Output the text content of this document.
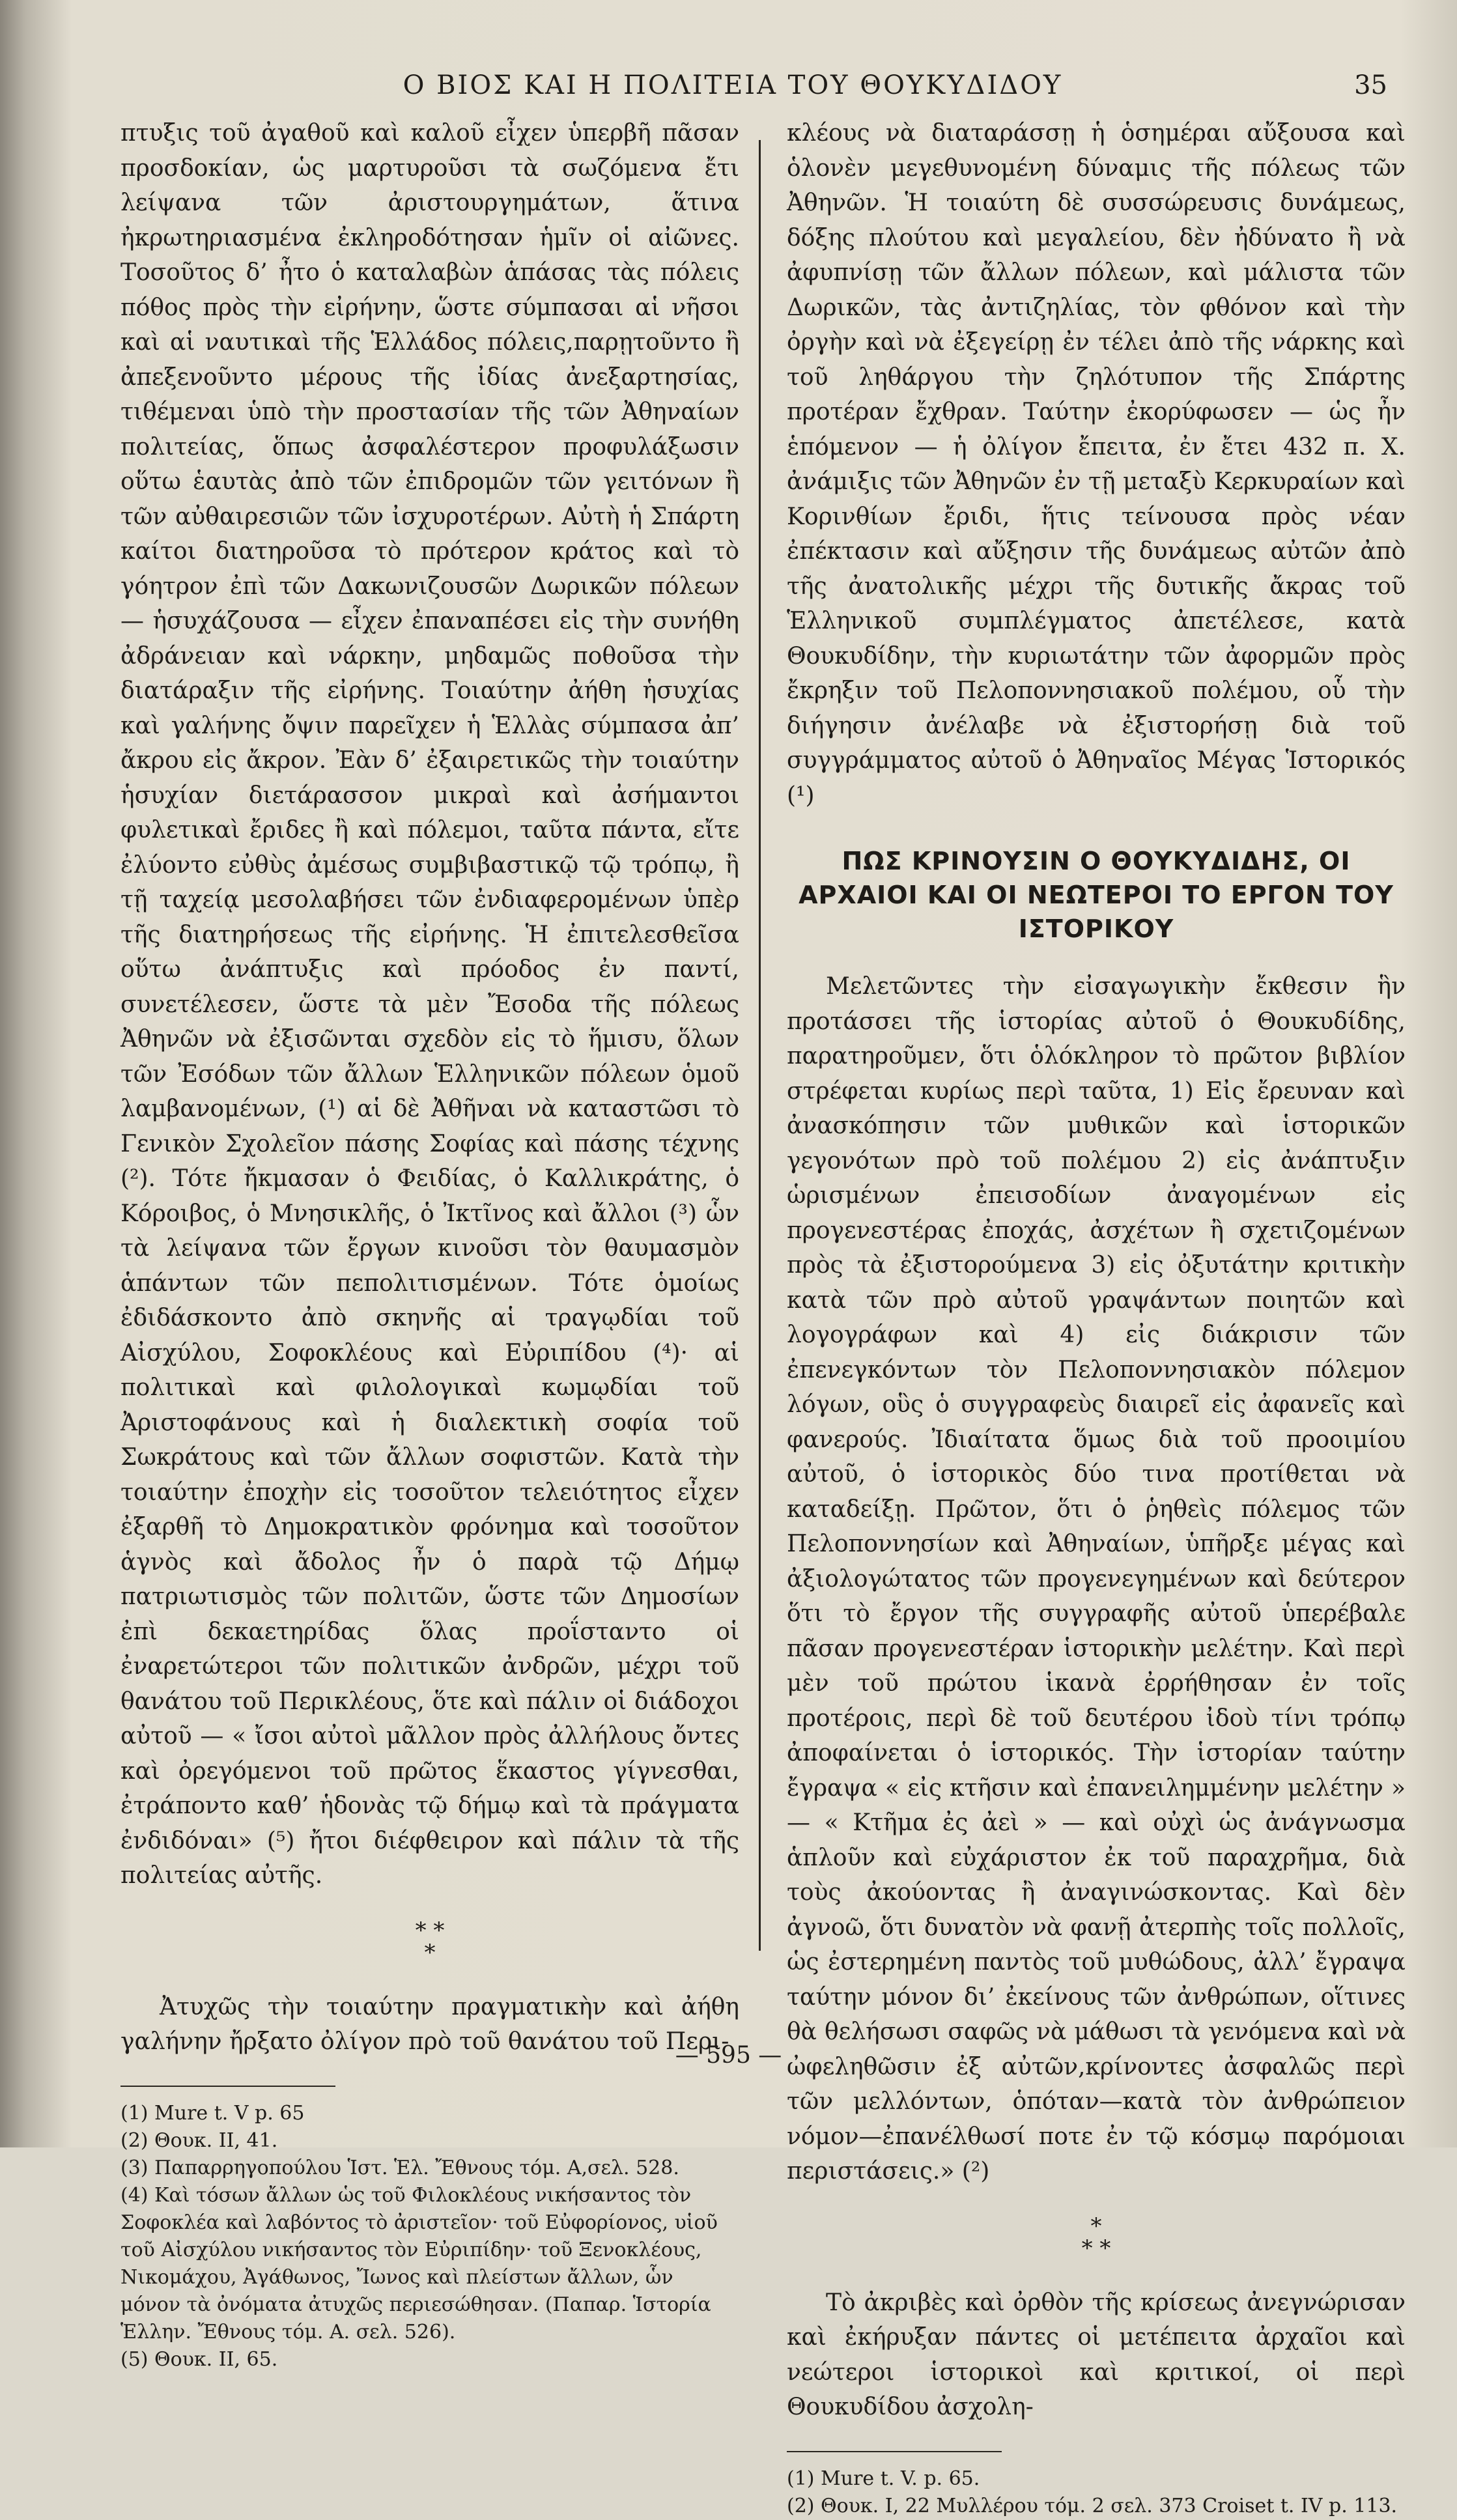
Ο ΒΙΟΣ ΚΑΙ Η ΠΟΛΙΤΕΙΑ ΤΟΥ ΘΟΥΚΥΔΙΔΟΥ	35

πτυξις τοῦ ἀγαθοῦ καὶ καλοῦ εἶχεν ὑπερβῆ πᾶσαν προσδοκίαν, ὡς μαρτυροῦσι τὰ σωζόμενα ἔτι λείψανα τῶν ἀριστουργημάτων, ἅτινα ἠκρωτηριασμένα ἐκληροδότησαν ἡμῖν οἱ αἰῶνες. Τοσοῦτος δ’ ἦτο ὁ καταλαβὼν ἁπάσας τὰς πόλεις πόθος πρὸς τὴν εἰρήνην, ὥστε σύμπασαι αἱ νῆσοι καὶ αἱ ναυτικαὶ τῆς Ἑλλάδος πόλεις,παρῃτοῦντο ἢ ἀπεξενοῦντο μέρους τῆς ἰδίας ἀνεξαρτησίας, τιθέμεναι ὑπὸ τὴν προστασίαν τῆς τῶν Ἀθηναίων πολιτείας, ὅπως ἀσφαλέστερον προφυλάξωσιν οὕτω ἑαυτὰς ἀπὸ τῶν ἐπιδρομῶν τῶν γειτόνων ἢ τῶν αὐθαιρεσιῶν τῶν ἰσχυροτέρων. Αὐτὴ ἡ Σπάρτη καίτοι διατηροῦσα τὸ πρότερον κράτος καὶ τὸ γόητρον ἐπὶ τῶν Δακωνιζουσῶν Δωρικῶν πόλεων — ἡσυχάζουσα — εἶχεν ἐπαναπέσει εἰς τὴν συνήθη ἀδράνειαν καὶ νάρκην, μηδαμῶς ποθοῦσα τὴν διατάραξιν τῆς εἰρήνης. Τοιαύτην ἀήθη ἡσυχίας καὶ γαλήνης ὄψιν παρεῖχεν ἡ Ἑλλὰς σύμπασα ἀπ’ ἄκρου εἰς ἄκρον. Ἐὰν δ’ ἐξαιρετικῶς τὴν τοιαύτην ἡσυχίαν διετάρασσον μικραὶ καὶ ἀσήμαντοι φυλετικαὶ ἔριδες ἢ καὶ πόλεμοι, ταῦτα πάντα, εἴτε ἐλύοντο εὐθὺς ἀμέσως συμβιβαστικῷ τῷ τρόπῳ, ἢ τῇ ταχείᾳ μεσολαβήσει τῶν ἐνδιαφερομένων ὑπὲρ τῆς διατηρήσεως τῆς εἰρήνης. Ἡ ἐπιτελεσθεῖσα οὕτω ἀνάπτυξις καὶ πρόοδος ἐν παντί, συνετέλεσεν, ὥστε τὰ μὲν Ἔσοδα τῆς πόλεως Ἀθηνῶν νὰ ἐξισῶνται σχεδὸν εἰς τὸ ἥμισυ, ὅλων τῶν Ἐσόδων τῶν ἄλλων Ἑλληνικῶν πόλεων ὁμοῦ λαμβανομένων, (¹) αἱ δὲ Ἀθῆναι νὰ καταστῶσι τὸ Γενικὸν Σχολεῖον πάσης Σοφίας καὶ πάσης τέχνης (²). Τότε ἤκμασαν ὁ Φειδίας, ὁ Καλλικράτης, ὁ Κόροιβος, ὁ Μνησικλῆς, ὁ Ἰκτῖνος καὶ ἄλλοι (³) ὧν τὰ λείψανα τῶν ἔργων κινοῦσι τὸν θαυμασμὸν ἁπάντων τῶν πεπολιτισμένων. Τότε ὁμοίως ἐδιδάσκοντο ἀπὸ σκηνῆς αἱ τραγῳδίαι τοῦ Αἰσχύλου, Σοφοκλέους καὶ Εὐριπίδου (⁴)· αἱ πολιτικαὶ καὶ φιλολογικαὶ κωμῳδίαι τοῦ Ἀριστοφάνους καὶ ἡ διαλεκτικὴ σοφία τοῦ Σωκράτους καὶ τῶν ἄλλων σοφιστῶν. Κατὰ τὴν τοιαύτην ἐποχὴν εἰς τοσοῦτον τελειότητος εἶχεν ἐξαρθῆ τὸ Δημοκρατικὸν φρόνημα καὶ τοσοῦτον ἁγνὸς καὶ ἄδολος ἦν ὁ παρὰ τῷ Δήμῳ πατριωτισμὸς τῶν πολιτῶν, ὥστε τῶν Δημοσίων ἐπὶ δεκαετηρίδας ὅλας προΐσταντο οἱ ἐναρετώτεροι τῶν πολιτικῶν ἀνδρῶν, μέχρι τοῦ θανάτου τοῦ Περικλέους, ὅτε καὶ πάλιν οἱ διάδοχοι αὐτοῦ — « ἴσοι αὐτοὶ μᾶλλον πρὸς ἀλλήλους ὄντες καὶ ὀρεγόμενοι τοῦ πρῶτος ἕκαστος γίγνεσθαι, ἐτράποντο καθ’ ἡδονὰς τῷ δήμῳ καὶ τὰ πράγματα ἐνδιδόναι» (⁵) ἤτοι διέφθειρον καὶ πάλιν τὰ τῆς πολιτείας αὐτῆς.

* *
*

Ἀτυχῶς τὴν τοιαύτην πραγματικὴν καὶ ἀήθη γαλήνην ἤρξατο ὀλίγον πρὸ τοῦ θανάτου τοῦ Περι-

(1) Mure t. V p. 65
(2) Θουκ. II, 41.
(3) Παπαρρηγοπούλου Ἱστ. Ἑλ. Ἔθνους τόμ. Α,σελ. 528.
(4) Καὶ τόσων ἄλλων ὡς τοῦ Φιλοκλέους νικήσαντος τὸν Σοφοκλέα καὶ λαβόντος τὸ ἀριστεῖον· τοῦ Εὐφορίονος, υἱοῦ τοῦ Αἰσχύλου νικήσαντος τὸν Εὐριπίδην· τοῦ Ξενοκλέους, Νικομάχου, Ἀγάθωνος, Ἴωνος καὶ πλείστων ἄλλων, ὧν μόνον τὰ ὀνόματα ἀτυχῶς περιεσώθησαν. (Παπαρ. Ἱστορία Ἑλλην. Ἔθνους τόμ. Α. σελ. 526).
(5) Θουκ. II, 65.

κλέους νὰ διαταράσσῃ ἡ ὁσημέραι αὔξουσα καὶ ὁλονὲν μεγεθυνομένη δύναμις τῆς πόλεως τῶν Ἀθηνῶν. Ἡ τοιαύτη δὲ συσσώρευσις δυνάμεως, δόξης πλούτου καὶ μεγαλείου, δὲν ἠδύνατο ἢ νὰ ἀφυπνίσῃ τῶν ἄλλων πόλεων, καὶ μάλιστα τῶν Δωρικῶν, τὰς ἀντιζηλίας, τὸν φθόνον καὶ τὴν ὀργὴν καὶ νὰ ἐξεγείρῃ ἐν τέλει ἀπὸ τῆς νάρκης καὶ τοῦ ληθάργου τὴν ζηλότυπον τῆς Σπάρτης προτέραν ἔχθραν. Ταύτην ἐκορύφωσεν — ὡς ἦν ἑπόμενον — ἡ ὀλίγον ἔπειτα, ἐν ἔτει 432 π. Χ. ἀνάμιξις τῶν Ἀθηνῶν ἐν τῇ μεταξὺ Κερκυραίων καὶ Κορινθίων ἔριδι, ἥτις τείνουσα πρὸς νέαν ἐπέκτασιν καὶ αὔξησιν τῆς δυνάμεως αὐτῶν ἀπὸ τῆς ἀνατολικῆς μέχρι τῆς δυτικῆς ἄκρας τοῦ Ἑλληνικοῦ συμπλέγματος ἀπετέλεσε, κατὰ Θουκυδίδην, τὴν κυριωτάτην τῶν ἀφορμῶν πρὸς ἔκρηξιν τοῦ Πελοποννησιακοῦ πολέμου, οὗ τὴν διήγησιν ἀνέλαβε νὰ ἐξιστορήσῃ διὰ τοῦ συγγράμματος αὐτοῦ ὁ Ἀθηναῖος Μέγας Ἱστορικός (¹)

ΠΩΣ ΚΡΙΝΟΥΣΙΝ Ο ΘΟΥΚΥΔΙΔΗΣ, ΟΙ ΑΡΧΑΙΟΙ ΚΑΙ ΟΙ ΝΕΩΤΕΡΟΙ ΤΟ ΕΡΓΟΝ ΤΟΥ ΙΣΤΟΡΙΚΟΥ

Μελετῶντες τὴν εἰσαγωγικὴν ἔκθεσιν ἣν προτάσσει τῆς ἱστορίας αὐτοῦ ὁ Θουκυδίδης, παρατηροῦμεν, ὅτι ὁλόκληρον τὸ πρῶτον βιβλίον στρέφεται κυρίως περὶ ταῦτα, 1) Εἰς ἔρευναν καὶ ἀνασκόπησιν τῶν μυθικῶν καὶ ἱστορικῶν γεγονότων πρὸ τοῦ πολέμου 2) εἰς ἀνάπτυξιν ὡρισμένων ἐπεισοδίων ἀναγομένων εἰς προγενεστέρας ἐποχάς, ἀσχέτων ἢ σχετιζομένων πρὸς τὰ ἐξιστορούμενα 3) εἰς ὀξυτάτην κριτικὴν κατὰ τῶν πρὸ αὐτοῦ γραψάντων ποιητῶν καὶ λογογράφων καὶ 4) εἰς διάκρισιν τῶν ἐπενεγκόντων τὸν Πελοποννησιακὸν πόλεμον λόγων, οὓς ὁ συγγραφεὺς διαιρεῖ εἰς ἀφανεῖς καὶ φανερούς. Ἰδιαίτατα ὅμως διὰ τοῦ προοιμίου αὐτοῦ, ὁ ἱστορικὸς δύο τινα προτίθεται νὰ καταδείξῃ. Πρῶτον, ὅτι ὁ ῥηθεὶς πόλεμος τῶν Πελοποννησίων καὶ Ἀθηναίων, ὑπῆρξε μέγας καὶ ἀξιολογώτατος τῶν προγενεγημένων καὶ δεύτερον ὅτι τὸ ἔργον τῆς συγγραφῆς αὐτοῦ ὑπερέβαλε πᾶσαν προγενεστέραν ἱστορικὴν μελέτην. Καὶ περὶ μὲν τοῦ πρώτου ἱκανὰ ἐρρήθησαν ἐν τοῖς προτέροις, περὶ δὲ τοῦ δευτέρου ἰδοὺ τίνι τρόπῳ ἀποφαίνεται ὁ ἱστορικός. Τὴν ἱστορίαν ταύτην ἔγραψα « εἰς κτῆσιν καὶ ἐπανειλημμένην μελέτην » — « Κτῆμα ἐς ἀεὶ » — καὶ οὐχὶ ὡς ἀνάγνωσμα ἁπλοῦν καὶ εὐχάριστον ἐκ τοῦ παραχρῆμα, διὰ τοὺς ἀκούοντας ἢ ἀναγινώσκοντας. Καὶ δὲν ἀγνοῶ, ὅτι δυνατὸν νὰ φανῇ ἀτερπὴς τοῖς πολλοῖς, ὡς ἐστερημένη παντὸς τοῦ μυθώδους, ἀλλ’ ἔγραψα ταύτην μόνον δι’ ἐκείνους τῶν ἀνθρώπων, οἵτινες θὰ θελήσωσι σαφῶς νὰ μάθωσι τὰ γενόμενα καὶ νὰ ὠφεληθῶσιν ἐξ αὐτῶν,κρίνοντες ἀσφαλῶς περὶ τῶν μελλόντων, ὁπόταν—κατὰ τὸν ἀνθρώπειον νόμον—ἐπανέλθωσί ποτε ἐν τῷ κόσμῳ παρόμοιαι περιστάσεις.» (²)

*
* *

Τὸ ἀκριβὲς καὶ ὀρθὸν τῆς κρίσεως ἀνεγνώρισαν καὶ ἐκήρυξαν πάντες οἱ μετέπειτα ἀρχαῖοι καὶ νεώτεροι ἱστορικοὶ καὶ κριτικοί, οἱ περὶ Θουκυδίδου ἀσχολη-

(1) Mure t. V. p. 65.
(2) Θουκ. I, 22 Μυλλέρου τόμ. 2 σελ. 373 Croiset t. IV p. 113.
— 595 —
